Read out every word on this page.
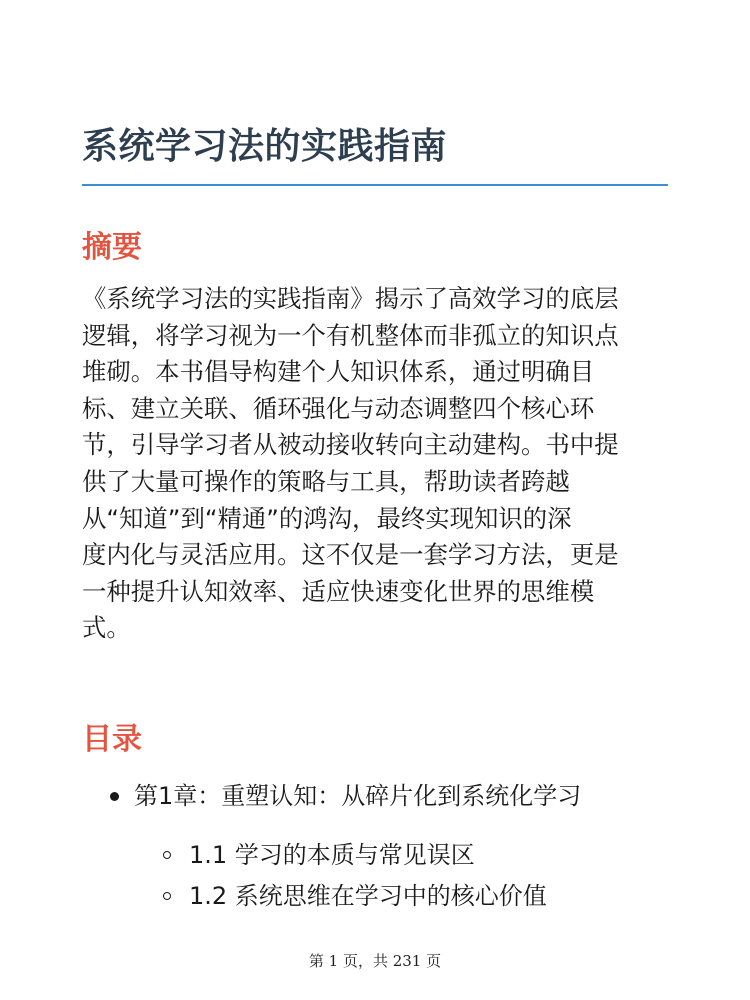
系统学习法的实践指南
摘要

《系统学习法的实践指南》揭示了高效学习的底层
逻辑，将学习视为一个有机整体而非孤立的知识点
堆砌。本书倡导构建个人知识体系，通过明确目
标、建立关联、循环强化与动态调整四个核心环
节，引导学习者从被动接收转向主动建构。书中提
供了大量可操作的策略与工具，帮助读者跨越
从“知道”到“精通”的鸿沟，最终实现知识的深
度内化与灵活应用。这不仅是一套学习方法，更是
一种提升认知效率、适应快速变化世界的思维模
式。

目录
第1章：重塑认知：从碎片化到系统化学习
1.1 学习的本质与常见误区
1.2 系统思维在学习中的核心价值
第 1 页，共 231 页
